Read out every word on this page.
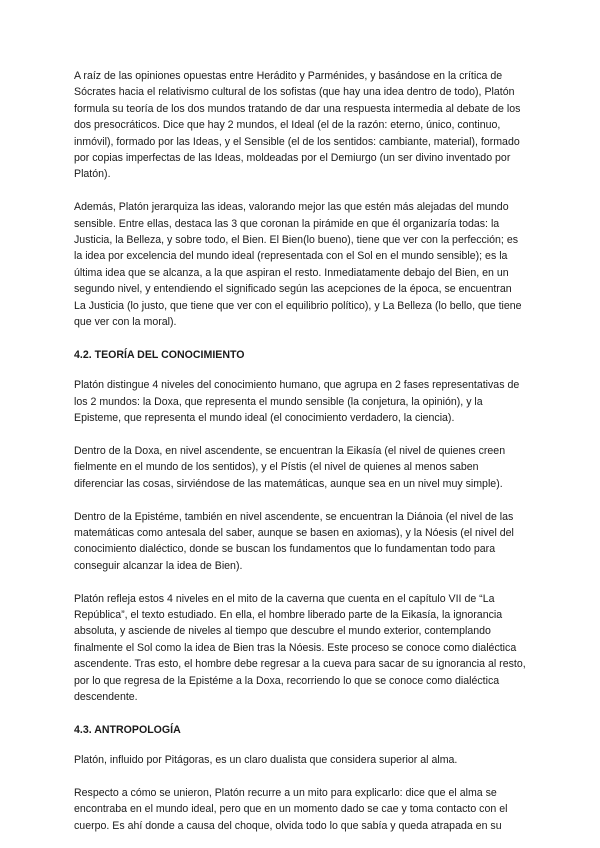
A raíz de las opiniones opuestas entre Herádito y Parménides, y basándose en la crítica de Sócrates hacia el relativismo cultural de los sofistas (que hay una idea dentro de todo), Platón formula su teoría de los dos mundos tratando de dar una respuesta intermedia al debate de los dos presocráticos. Dice que hay 2 mundos, el Ideal (el de la razón: eterno, único, continuo, inmóvil), formado por las Ideas, y el Sensible (el de los sentidos: cambiante, material), formado por copias imperfectas de las Ideas, moldeadas por el Demiurgo (un ser divino inventado por Platón).

Además, Platón jerarquiza las ideas, valorando mejor las que estén más alejadas del mundo sensible. Entre ellas, destaca las 3 que coronan la pirámide en que él organizaría todas: la Justicia, la Belleza, y sobre todo, el Bien. El Bien(lo bueno), tiene que ver con la perfección; es la idea por excelencia del mundo ideal (representada con el Sol en el mundo sensible); es la última idea que se alcanza, a la que aspiran el resto. Inmediatamente debajo del Bien, en un segundo nivel, y entendiendo el significado según las acepciones de la época, se encuentran La Justicia (lo justo, que tiene que ver con el equilibrio político), y La Belleza (lo bello, que tiene que ver con la moral).

4.2. TEORÍA DEL CONOCIMIENTO

Platón distingue 4 niveles del conocimiento humano, que agrupa en 2 fases representativas de los 2 mundos: la Doxa, que representa el mundo sensible (la conjetura, la opinión), y la Episteme, que representa el mundo ideal (el conocimiento verdadero, la ciencia).

Dentro de la Doxa, en nivel ascendente, se encuentran la Eikasía (el nivel de quienes creen fielmente en el mundo de los sentidos), y el Pístis (el nivel de quienes al menos saben diferenciar las cosas, sirviéndose de las matemáticas, aunque sea en un nivel muy simple).

Dentro de la Epistéme, también en nivel ascendente, se encuentran la Diánoia (el nivel de las matemáticas como antesala del saber, aunque se basen en axiomas), y la Nóesis (el nivel del conocimiento dialéctico, donde se buscan los fundamentos que lo fundamentan todo para conseguir alcanzar la idea de Bien).

Platón refleja estos 4 niveles en el mito de la caverna que cuenta en el capítulo VII de “La República”, el texto estudiado. En ella, el hombre liberado parte de la Eikasía, la ignorancia absoluta, y asciende de niveles al tiempo que descubre el mundo exterior, contemplando finalmente el Sol como la idea de Bien tras la Nóesis. Este proceso se conoce como dialéctica ascendente. Tras esto, el hombre debe regresar a la cueva para sacar de su ignorancia al resto, por lo que regresa de la Epistéme a la Doxa, recorriendo lo que se conoce como dialéctica descendente.

4.3. ANTROPOLOGÍA

Platón, influido por Pitágoras, es un claro dualista que considera superior al alma.

Respecto a cómo se unieron, Platón recurre a un mito para explicarlo: dice que el alma se encontraba en el mundo ideal, pero que en un momento dado se cae y toma contacto con el cuerpo. Es ahí donde a causa del choque, olvida todo lo que sabía y queda atrapada en su
